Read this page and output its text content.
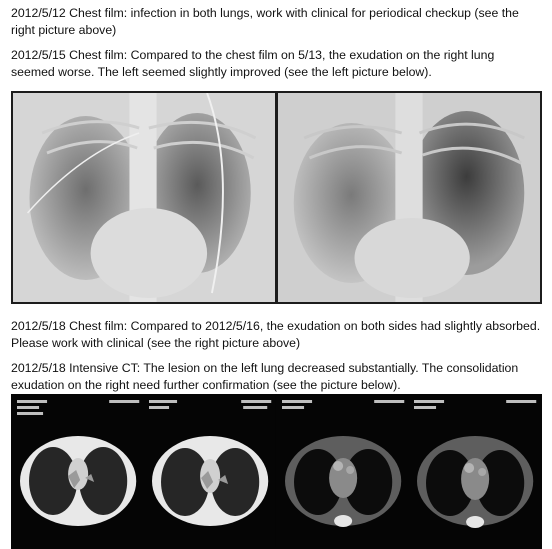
2012/5/12 Chest film: infection in both lungs, work with clinical for periodical checkup (see the right picture above)

2012/5/15 Chest film: Compared to the chest film on 5/13, the exudation on the right lung seemed worse. The left seemed slightly improved (see the left picture below).

2012/5/18 Chest film: Compared to 2012/5/16, the exudation on both sides had slightly absorbed. Please work with clinical (see the right picture above)

2012/5/18 Intensive CT: The lesion on the left lung decreased substantially. The consolidation exudation on the right need further confirmation (see the picture below).
